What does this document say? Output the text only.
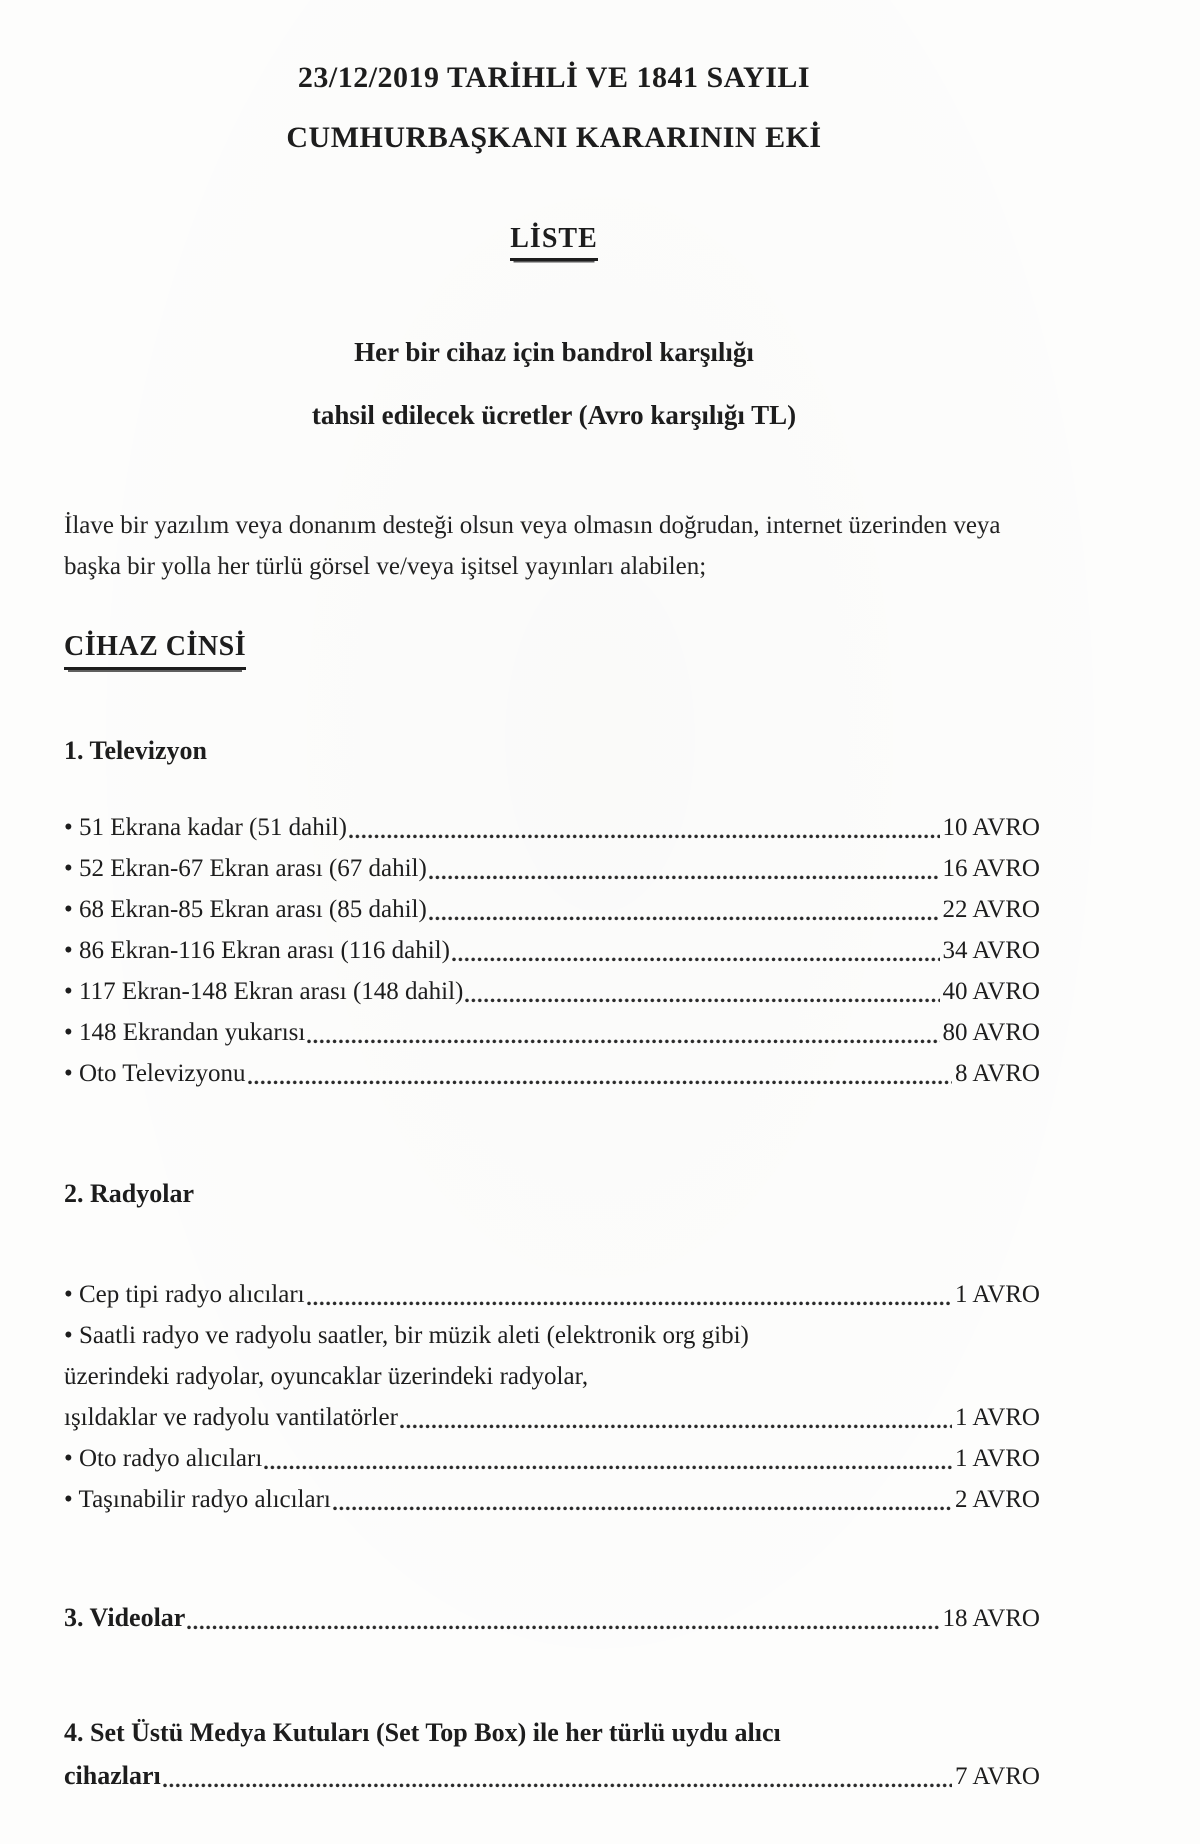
23/12/2019 TARİHLİ VE 1841 SAYILI
CUMHURBAŞKANI KARARININ EKİ
LİSTE
Her bir cihaz için bandrol karşılığı
tahsil edilecek ücretler (Avro karşılığı TL)
İlave bir yazılım veya donanım desteği olsun veya olmasın doğrudan, internet üzerinden veya
başka bir yolla her türlü görsel ve/veya işitsel yayınları alabilen;
CİHAZ CİNSİ
1. Televizyon
• 51 Ekrana kadar (51 dahil)	10 AVRO
• 52 Ekran-67 Ekran arası (67 dahil)	16 AVRO
• 68 Ekran-85 Ekran arası (85 dahil)	22 AVRO
• 86 Ekran-116 Ekran arası (116 dahil)	34 AVRO
• 117 Ekran-148 Ekran arası (148 dahil)	40 AVRO
• 148 Ekrandan yukarısı	80 AVRO
• Oto Televizyonu	8 AVRO
2. Radyolar
• Cep tipi radyo alıcıları	1 AVRO
• Saatli radyo ve radyolu saatler, bir müzik aleti (elektronik org gibi)
üzerindeki radyolar, oyuncaklar üzerindeki radyolar,
ışıldaklar ve radyolu vantilatörler	1 AVRO
• Oto radyo alıcıları	1 AVRO
• Taşınabilir radyo alıcıları	2 AVRO
3. Videolar	18 AVRO
4. Set Üstü Medya Kutuları (Set Top Box) ile her türlü uydu alıcı
cihazları	7 AVRO
